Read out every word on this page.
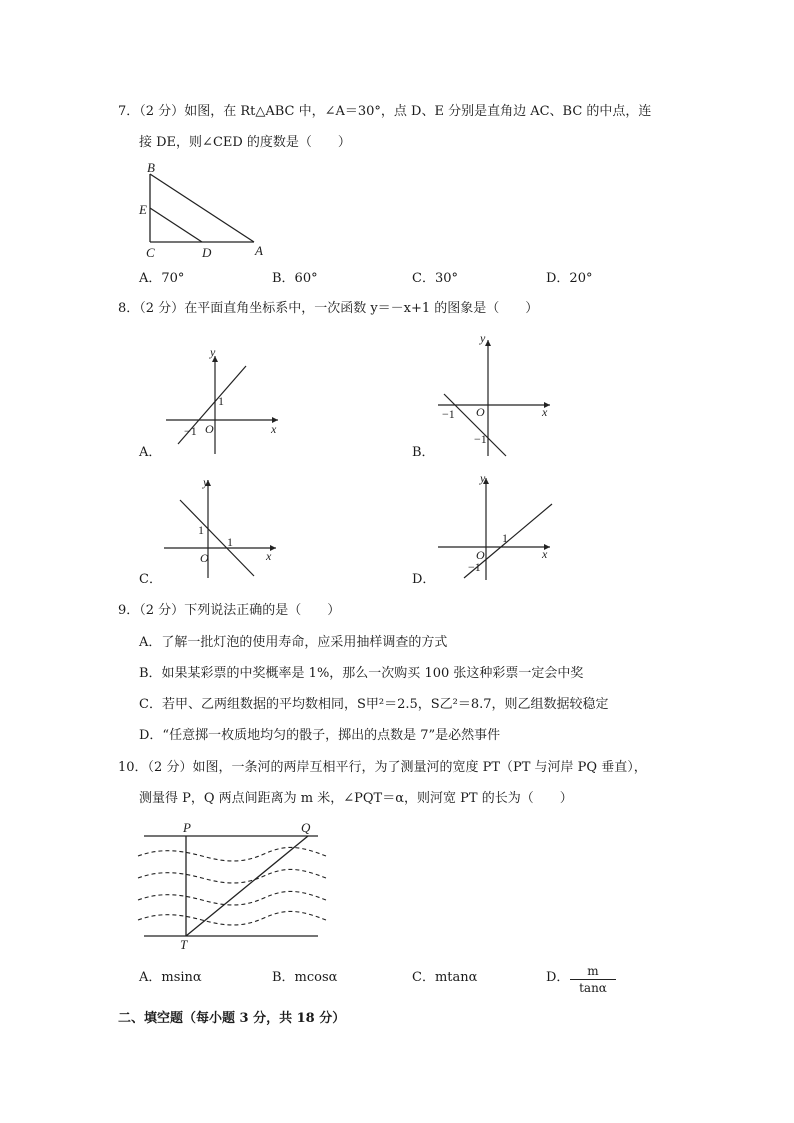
7．（2 分）如图，在 Rt△ABC 中，∠A＝30°，点 D、E 分别是直角边 AC、BC 的中点，连
接 DE，则∠CED 的度数是（　　）
B
E
C	D	A
A．70°	B．60°	C．30°	D．20°
8．（2 分）在平面直角坐标系中，一次函数 y＝－x+1 的图象是（　　）
y
x
O
1
−1
A．
y
x
O
−1
−1
B．
y
x
O
1
1
C．
y
x
O
1
−1
D．
9．（2 分）下列说法正确的是（　　）
A．了解一批灯泡的使用寿命，应采用抽样调查的方式
B．如果某彩票的中奖概率是 1%，那么一次购买 100 张这种彩票一定会中奖
C．若甲、乙两组数据的平均数相同，S甲²＝2.5，S乙²＝8.7，则乙组数据较稳定
D．“任意掷一枚质地均匀的骰子，掷出的点数是 7”是必然事件
10．（2 分）如图，一条河的两岸互相平行，为了测量河的宽度 PT（PT 与河岸 PQ 垂直），
测量得 P，Q 两点间距离为 m 米，∠PQT＝α，则河宽 PT 的长为（　　）
P	Q
T
A．msinα	B．mcosα	C．mtanα	D． $\frac{m}{\tan\alpha}$
二、填空题（每小题 3 分，共 18 分）
